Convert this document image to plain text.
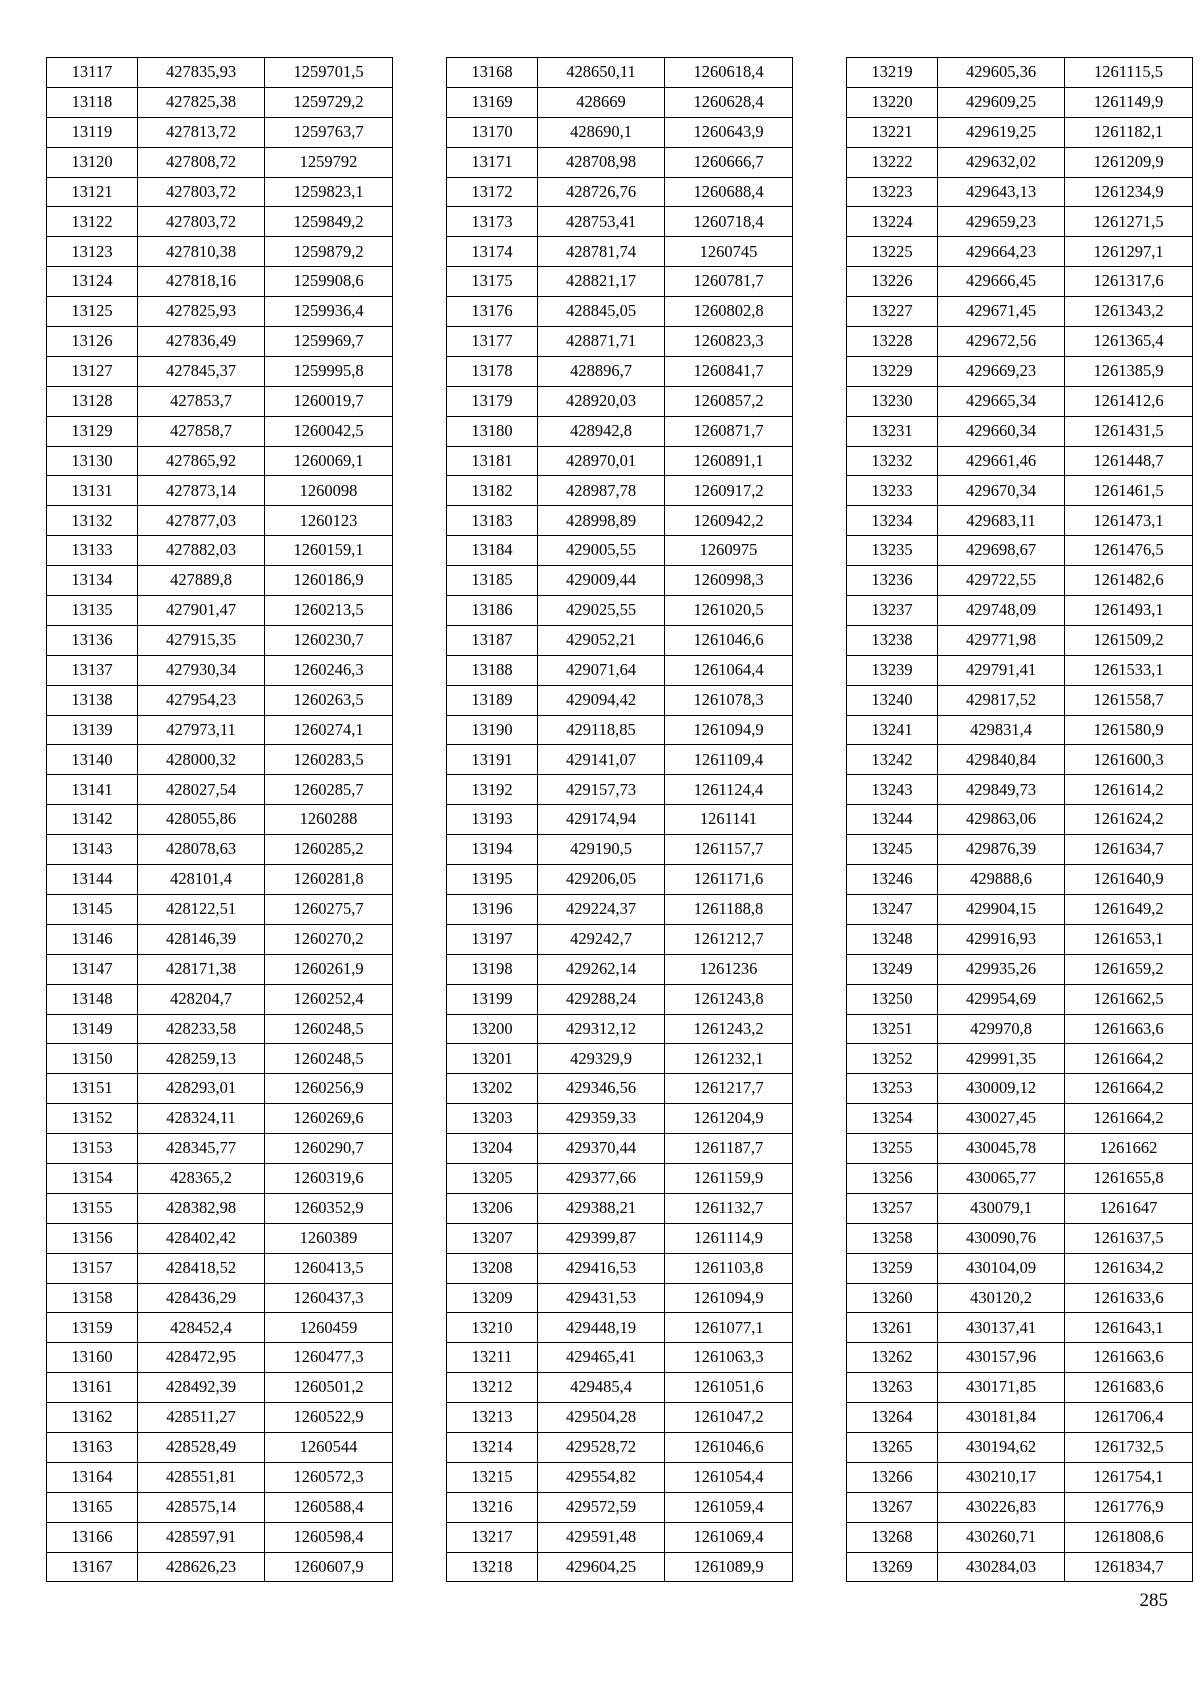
13117	427835,93	1259701,5
13118	427825,38	1259729,2
13119	427813,72	1259763,7
13120	427808,72	1259792
13121	427803,72	1259823,1
13122	427803,72	1259849,2
13123	427810,38	1259879,2
13124	427818,16	1259908,6
13125	427825,93	1259936,4
13126	427836,49	1259969,7
13127	427845,37	1259995,8
13128	427853,7	1260019,7
13129	427858,7	1260042,5
13130	427865,92	1260069,1
13131	427873,14	1260098
13132	427877,03	1260123
13133	427882,03	1260159,1
13134	427889,8	1260186,9
13135	427901,47	1260213,5
13136	427915,35	1260230,7
13137	427930,34	1260246,3
13138	427954,23	1260263,5
13139	427973,11	1260274,1
13140	428000,32	1260283,5
13141	428027,54	1260285,7
13142	428055,86	1260288
13143	428078,63	1260285,2
13144	428101,4	1260281,8
13145	428122,51	1260275,7
13146	428146,39	1260270,2
13147	428171,38	1260261,9
13148	428204,7	1260252,4
13149	428233,58	1260248,5
13150	428259,13	1260248,5
13151	428293,01	1260256,9
13152	428324,11	1260269,6
13153	428345,77	1260290,7
13154	428365,2	1260319,6
13155	428382,98	1260352,9
13156	428402,42	1260389
13157	428418,52	1260413,5
13158	428436,29	1260437,3
13159	428452,4	1260459
13160	428472,95	1260477,3
13161	428492,39	1260501,2
13162	428511,27	1260522,9
13163	428528,49	1260544
13164	428551,81	1260572,3
13165	428575,14	1260588,4
13166	428597,91	1260598,4
13167	428626,23	1260607,9
13168	428650,11	1260618,4
13169	428669	1260628,4
13170	428690,1	1260643,9
13171	428708,98	1260666,7
13172	428726,76	1260688,4
13173	428753,41	1260718,4
13174	428781,74	1260745
13175	428821,17	1260781,7
13176	428845,05	1260802,8
13177	428871,71	1260823,3
13178	428896,7	1260841,7
13179	428920,03	1260857,2
13180	428942,8	1260871,7
13181	428970,01	1260891,1
13182	428987,78	1260917,2
13183	428998,89	1260942,2
13184	429005,55	1260975
13185	429009,44	1260998,3
13186	429025,55	1261020,5
13187	429052,21	1261046,6
13188	429071,64	1261064,4
13189	429094,42	1261078,3
13190	429118,85	1261094,9
13191	429141,07	1261109,4
13192	429157,73	1261124,4
13193	429174,94	1261141
13194	429190,5	1261157,7
13195	429206,05	1261171,6
13196	429224,37	1261188,8
13197	429242,7	1261212,7
13198	429262,14	1261236
13199	429288,24	1261243,8
13200	429312,12	1261243,2
13201	429329,9	1261232,1
13202	429346,56	1261217,7
13203	429359,33	1261204,9
13204	429370,44	1261187,7
13205	429377,66	1261159,9
13206	429388,21	1261132,7
13207	429399,87	1261114,9
13208	429416,53	1261103,8
13209	429431,53	1261094,9
13210	429448,19	1261077,1
13211	429465,41	1261063,3
13212	429485,4	1261051,6
13213	429504,28	1261047,2
13214	429528,72	1261046,6
13215	429554,82	1261054,4
13216	429572,59	1261059,4
13217	429591,48	1261069,4
13218	429604,25	1261089,9
13219	429605,36	1261115,5
13220	429609,25	1261149,9
13221	429619,25	1261182,1
13222	429632,02	1261209,9
13223	429643,13	1261234,9
13224	429659,23	1261271,5
13225	429664,23	1261297,1
13226	429666,45	1261317,6
13227	429671,45	1261343,2
13228	429672,56	1261365,4
13229	429669,23	1261385,9
13230	429665,34	1261412,6
13231	429660,34	1261431,5
13232	429661,46	1261448,7
13233	429670,34	1261461,5
13234	429683,11	1261473,1
13235	429698,67	1261476,5
13236	429722,55	1261482,6
13237	429748,09	1261493,1
13238	429771,98	1261509,2
13239	429791,41	1261533,1
13240	429817,52	1261558,7
13241	429831,4	1261580,9
13242	429840,84	1261600,3
13243	429849,73	1261614,2
13244	429863,06	1261624,2
13245	429876,39	1261634,7
13246	429888,6	1261640,9
13247	429904,15	1261649,2
13248	429916,93	1261653,1
13249	429935,26	1261659,2
13250	429954,69	1261662,5
13251	429970,8	1261663,6
13252	429991,35	1261664,2
13253	430009,12	1261664,2
13254	430027,45	1261664,2
13255	430045,78	1261662
13256	430065,77	1261655,8
13257	430079,1	1261647
13258	430090,76	1261637,5
13259	430104,09	1261634,2
13260	430120,2	1261633,6
13261	430137,41	1261643,1
13262	430157,96	1261663,6
13263	430171,85	1261683,6
13264	430181,84	1261706,4
13265	430194,62	1261732,5
13266	430210,17	1261754,1
13267	430226,83	1261776,9
13268	430260,71	1261808,6
13269	430284,03	1261834,7
285
